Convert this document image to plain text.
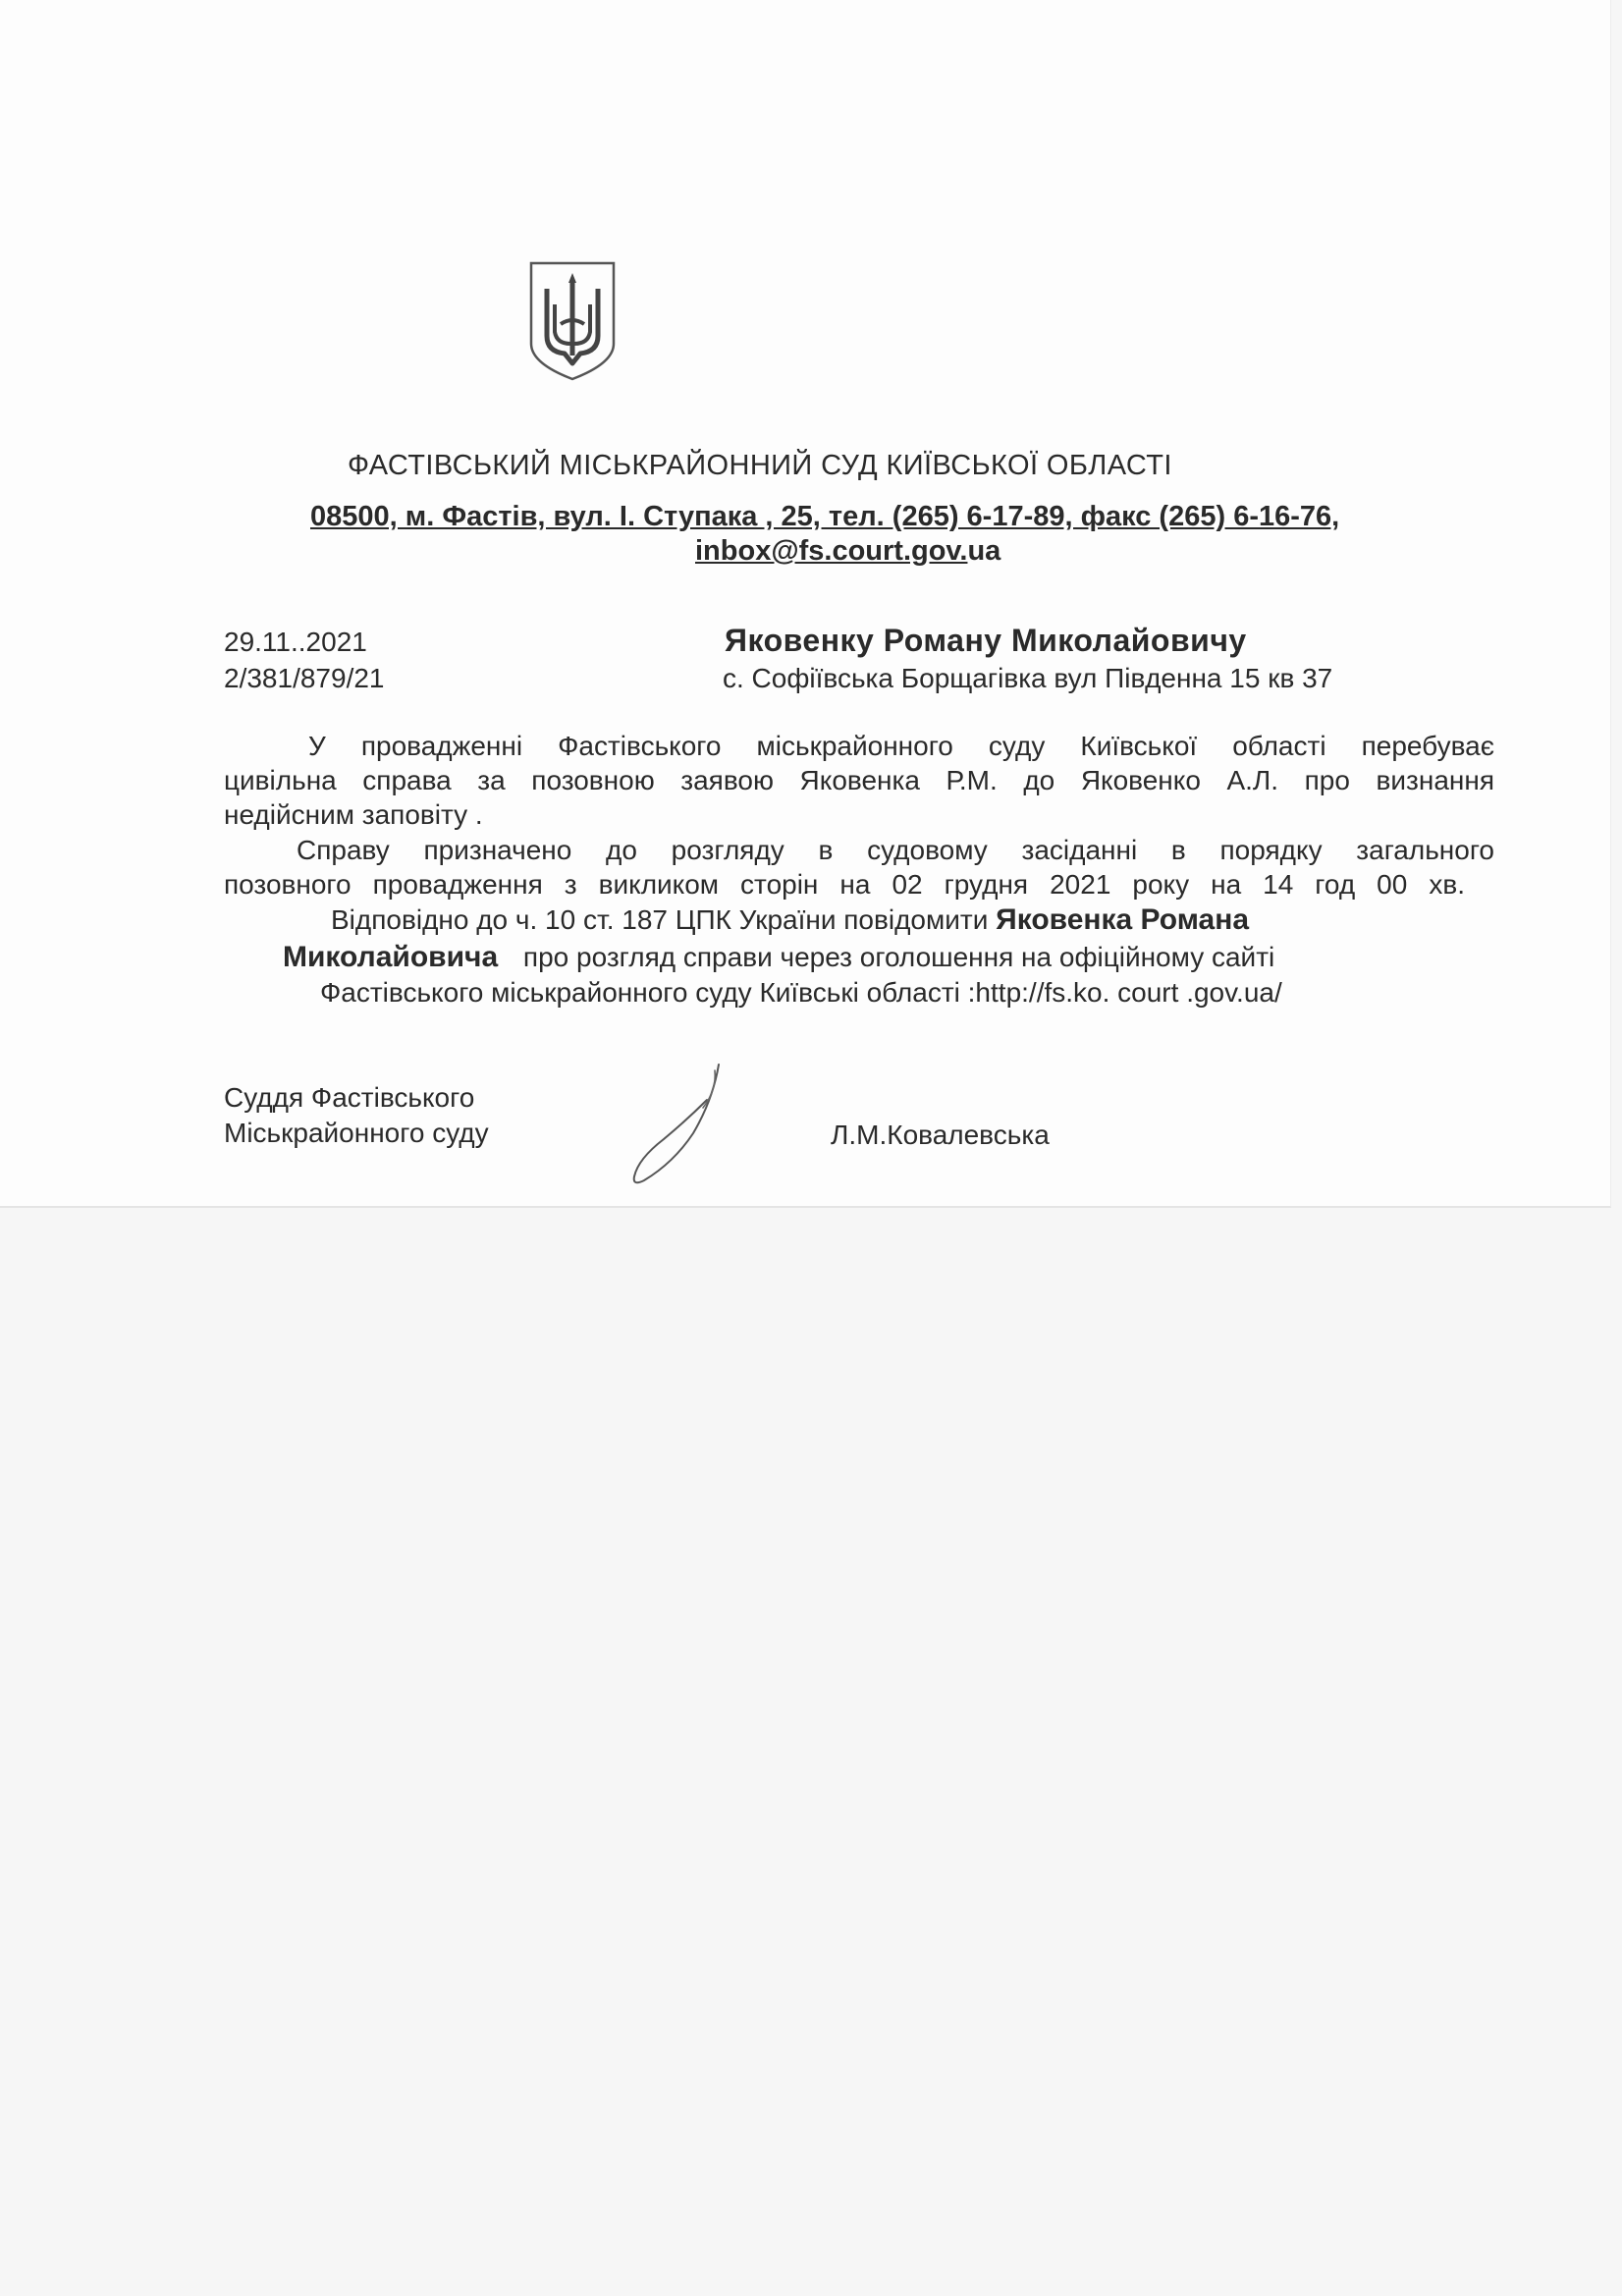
ФАСТІВСЬКИЙ МІСЬКРАЙОННИЙ СУД КИЇВСЬКОЇ ОБЛАСТІ
08500, м. Фастів, вул. І. Ступака , 25, тел. (265) 6-17-89, факс (265) 6-16-76,
inbox@fs.court.gov.ua
29.11..2021
2/381/879/21
Яковенку Роману Миколайовичу
с. Софіївська Борщагівка вул Південна 15 кв 37
У провадженні Фастівського міськрайонного суду Київської області перебуває
цивільна справа за позовною заявою Яковенка Р.М. до Яковенко А.Л. про визнання
недійсним заповіту .
Справу призначено до розгляду в судовому засіданні в порядку загального
позовного провадження з викликом сторін на 02 грудня 2021 року на 14 год 00 хв.
Відповідно до ч. 10 ст. 187 ЦПК України повідомити Яковенка Романа
Миколайовича про розгляд справи через оголошення на офіційному сайті
Фастівського міськрайонного суду Київські області :http://fs.ko. court .gov.ua/
Суддя Фастівського
Міськрайонного суду	Л.М.Ковалевська
